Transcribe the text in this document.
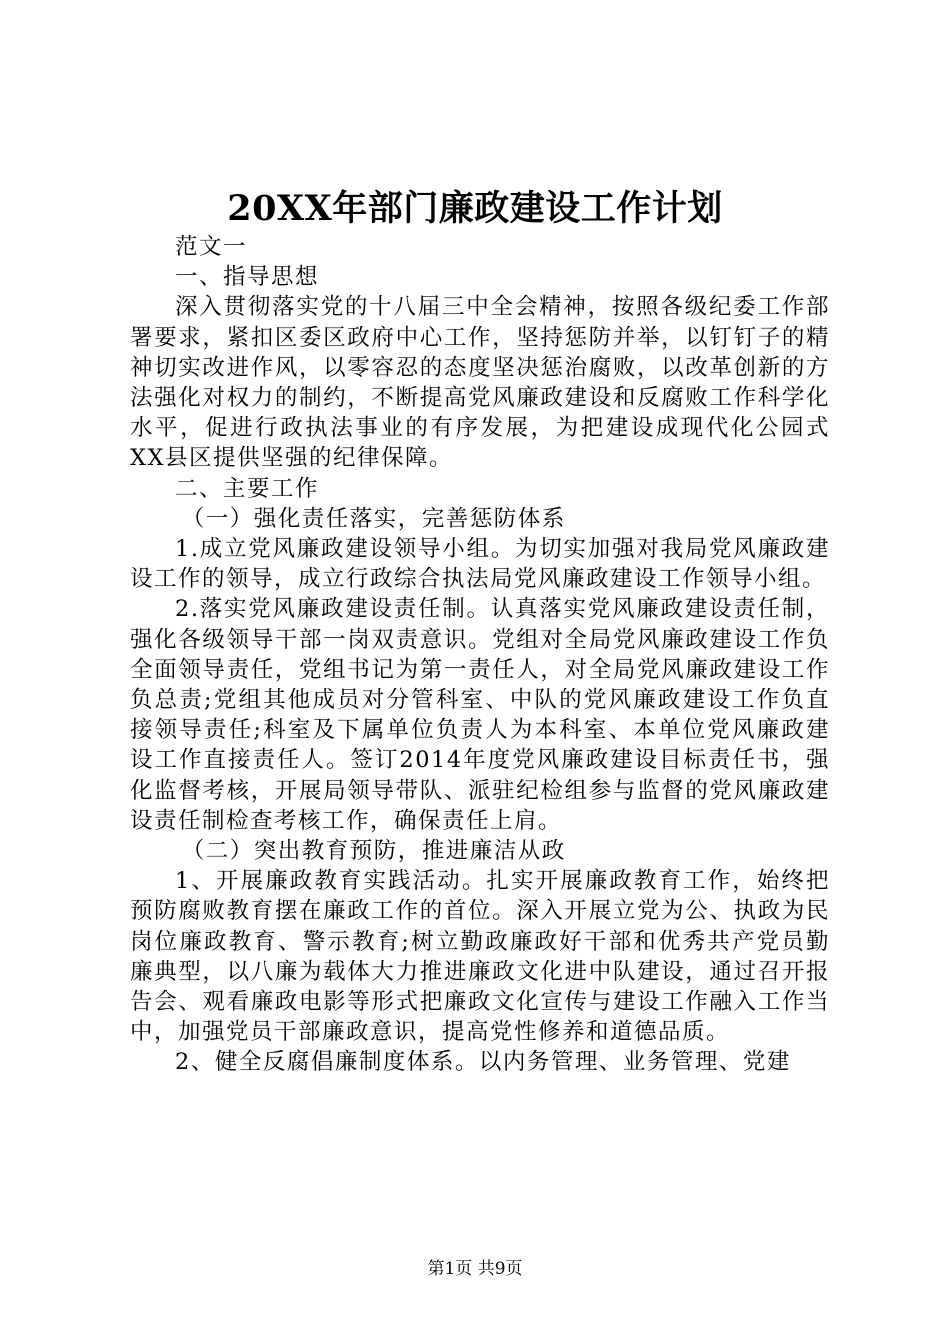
20XX年部门廉政建设工作计划

范文一

一、指导思想

深入贯彻落实党的十八届三中全会精神，按照各级纪委工作部署要求，紧扣区委区政府中心工作，坚持惩防并举，以钉钉子的精神切实改进作风，以零容忍的态度坚决惩治腐败，以改革创新的方法强化对权力的制约，不断提高党风廉政建设和反腐败工作科学化水平，促进行政执法事业的有序发展，为把建设成现代化公园式XX县区提供坚强的纪律保障。

二、主要工作

（一）强化责任落实，完善惩防体系

1.成立党风廉政建设领导小组。为切实加强对我局党风廉政建设工作的领导，成立行政综合执法局党风廉政建设工作领导小组。

2.落实党风廉政建设责任制。认真落实党风廉政建设责任制，强化各级领导干部一岗双责意识。党组对全局党风廉政建设工作负全面领导责任，党组书记为第一责任人，对全局党风廉政建设工作负总责;党组其他成员对分管科室、中队的党风廉政建设工作负直接领导责任;科室及下属单位负责人为本科室、本单位党风廉政建设工作直接责任人。签订2014年度党风廉政建设目标责任书，强化监督考核，开展局领导带队、派驻纪检组参与监督的党风廉政建设责任制检查考核工作，确保责任上肩。

（二）突出教育预防，推进廉洁从政

1、开展廉政教育实践活动。扎实开展廉政教育工作，始终把预防腐败教育摆在廉政工作的首位。深入开展立党为公、执政为民岗位廉政教育、警示教育;树立勤政廉政好干部和优秀共产党员勤廉典型，以八廉为载体大力推进廉政文化进中队建设，通过召开报告会、观看廉政电影等形式把廉政文化宣传与建设工作融入工作当中，加强党员干部廉政意识，提高党性修养和道德品质。

2、健全反腐倡廉制度体系。以内务管理、业务管理、党建

第1页 共9页
